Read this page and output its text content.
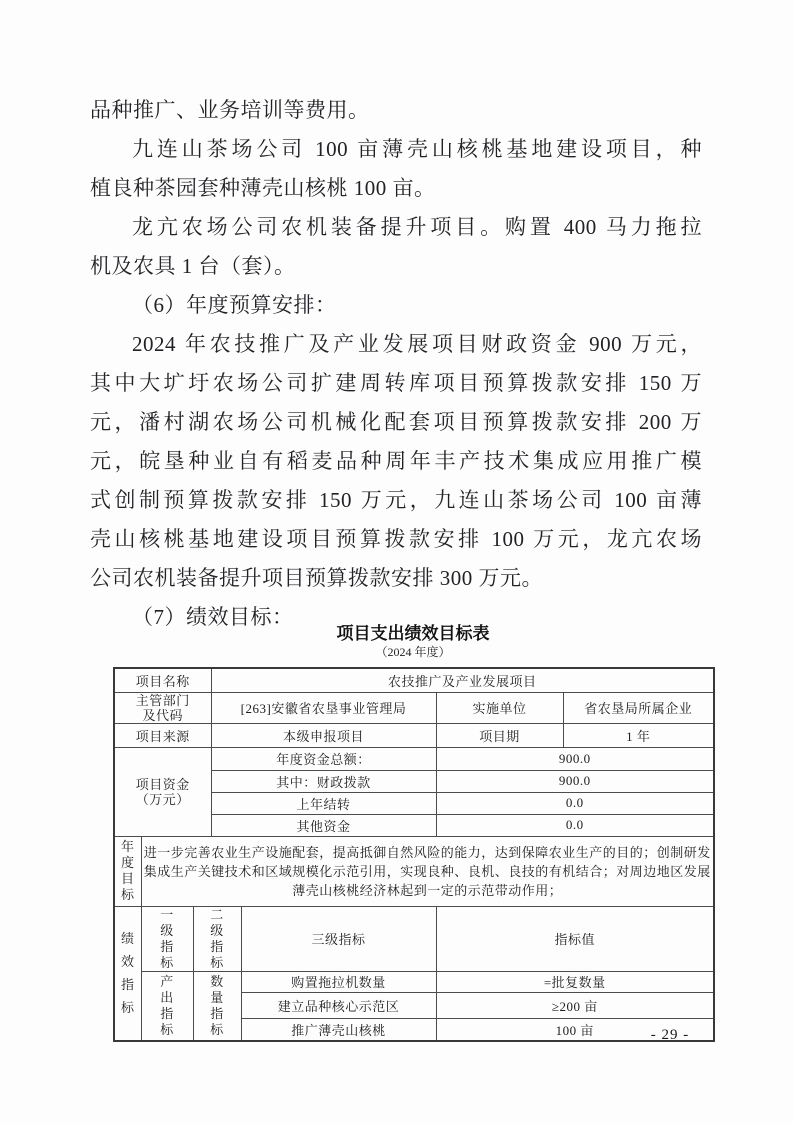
品种推广、业务培训等费用。
九连山茶场公司 100 亩薄壳山核桃基地建设项目，种
植良种茶园套种薄壳山核桃 100 亩。
龙亢农场公司农机装备提升项目。购置 400 马力拖拉
机及农具 1 台（套）。
（6）年度预算安排：
2024 年农技推广及产业发展项目财政资金 900 万元，
其中大圹圩农场公司扩建周转库项目预算拨款安排 150 万
元，潘村湖农场公司机械化配套项目预算拨款安排 200 万
元，皖垦种业自有稻麦品种周年丰产技术集成应用推广模
式创制预算拨款安排 150 万元，九连山茶场公司 100 亩薄
壳山核桃基地建设项目预算拨款安排 100 万元，龙亢农场
公司农机装备提升项目预算拨款安排 300 万元。
（7）绩效目标：
项目支出绩效目标表
（2024 年度）
项目名称			农技推广及产业发展项目			

主管部门
及代码			[263]安徽省农垦事业管理局		实施单位	省农垦局所属企业
项目来源			本级申报项目		项目期	1 年

项目资金
（万元）			年度资金总额：		900.0	
			其中：财政拨款		900.0	
			上年结转		0.0	
			其他资金		0.0	

年度目标	进一步完善农业生产设施配套，提高抵御自然风险的能力，达到保障农业生产的目的；创制研发集成生产关键技术和区域规模化示范引用，实现良种、良机、良技的有机结合；对周边地区发展薄壳山核桃经济林起到一定的示范带动作用；					

绩效指标	一级指标	二级指标		三级指标	指标值	

	产出指标	数量指标		购置拖拉机数量	=批复数量	
				建立品种核心示范区	≥200 亩	
				推广薄壳山核桃	100 亩		- 29 -
